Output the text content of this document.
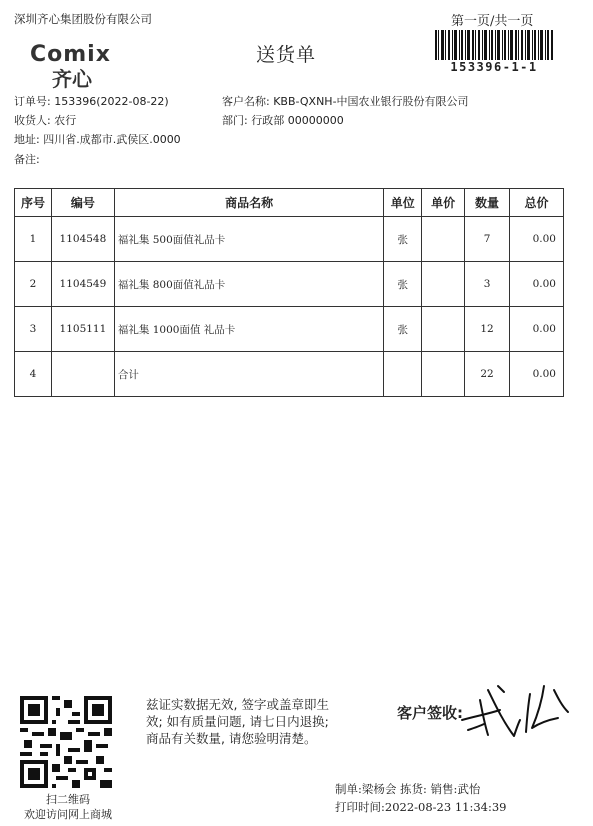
深圳齐心集团股份有限公司	第一页/共一页
153396-1-1
Comix
齐心
送货单
订单号: 153396(2022-08-22)
收货人: 农行
地址: 四川省.成都市.武侯区.0000
备注:
客户名称: KBB-QXNH-中国农业银行股份有限公司
部门: 行政部 00000000
序号	编号	商品名称	单位	单价	数量	总价
1	1104548	福礼集 500面值礼品卡	张		7	0.00
2	1104549	福礼集 800面值礼品卡	张		3	0.00
3	1105111	福礼集 1000面值 礼品卡	张		12	0.00
4		合计			22	0.00
扫二维码
欢迎访问网上商城
兹证实数据无效, 签字或盖章即生
效; 如有质量问题, 请七日内退换;
商品有关数量, 请您验明清楚。
客户签收:
制单:梁杨会 拣货: 销售:武怡
打印时间:2022-08-23 11:34:39
